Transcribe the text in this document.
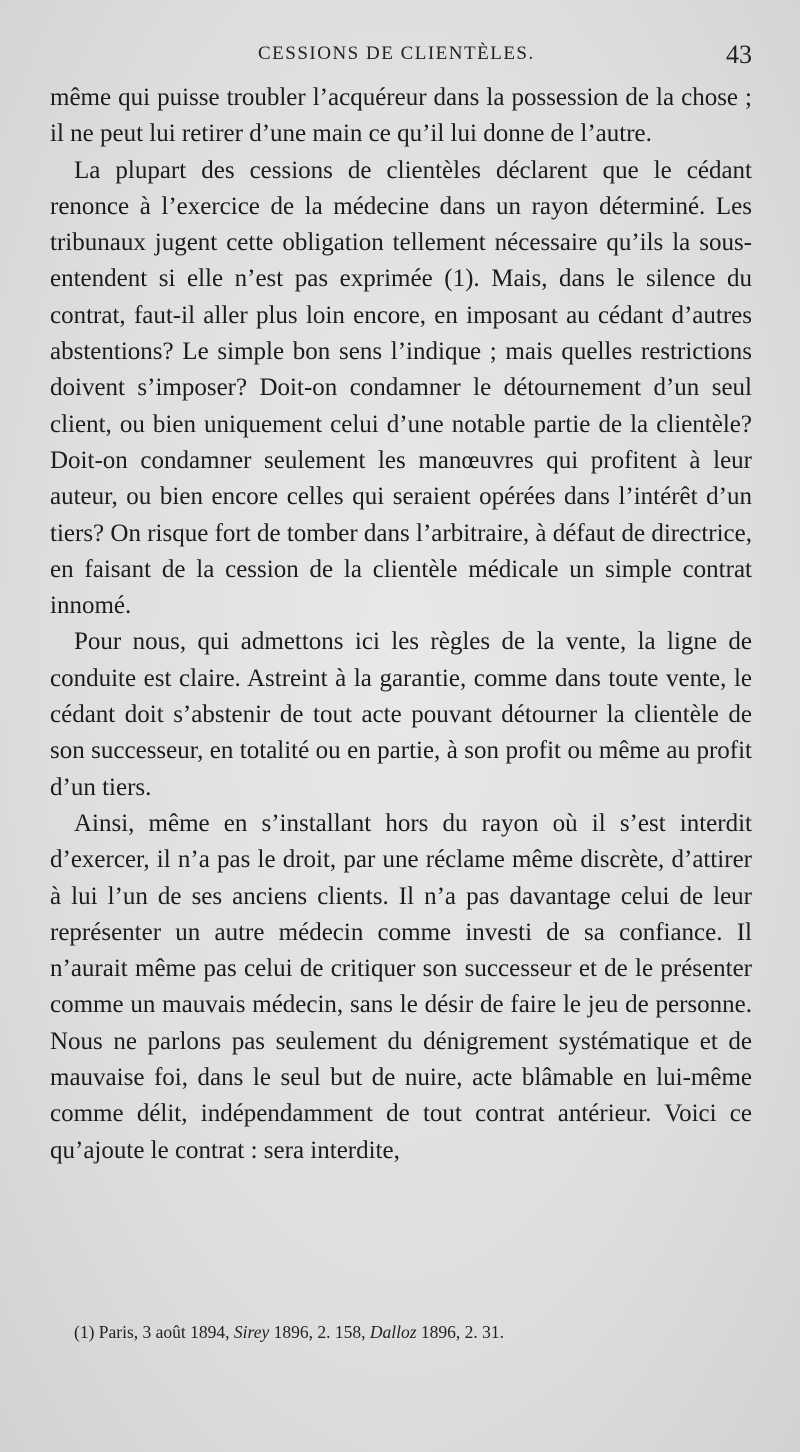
CESSIONS DE CLIENTÈLES.	43

même qui puisse troubler l’acquéreur dans la possession de la chose ; il ne peut lui retirer d’une main ce qu’il lui donne de l’autre.

La plupart des cessions de clientèles déclarent que le cédant renonce à l’exercice de la médecine dans un rayon déterminé. Les tribunaux jugent cette obligation tellement nécessaire qu’ils la sous-entendent si elle n’est pas exprimée (1). Mais, dans le silence du contrat, faut-il aller plus loin encore, en imposant au cédant d’autres abstentions? Le simple bon sens l’indique ; mais quelles restrictions doivent s’imposer? Doit-on condamner le détournement d’un seul client, ou bien uniquement celui d’une notable partie de la clientèle? Doit-on condamner seulement les manœuvres qui profitent à leur auteur, ou bien encore celles qui seraient opérées dans l’intérêt d’un tiers? On risque fort de tomber dans l’arbitraire, à défaut de directrice, en faisant de la cession de la clientèle médicale un simple contrat innomé.

Pour nous, qui admettons ici les règles de la vente, la ligne de conduite est claire. Astreint à la garantie, comme dans toute vente, le cédant doit s’abstenir de tout acte pouvant détourner la clientèle de son successeur, en totalité ou en partie, à son profit ou même au profit d’un tiers.

Ainsi, même en s’installant hors du rayon où il s’est interdit d’exercer, il n’a pas le droit, par une réclame même discrète, d’attirer à lui l’un de ses anciens clients. Il n’a pas davantage celui de leur représenter un autre médecin comme investi de sa confiance. Il n’aurait même pas celui de critiquer son successeur et de le présenter comme un mauvais médecin, sans le désir de faire le jeu de personne. Nous ne parlons pas seulement du dénigrement systématique et de mauvaise foi, dans le seul but de nuire, acte blâmable en lui-même comme délit, indépendamment de tout contrat antérieur. Voici ce qu’ajoute le contrat : sera interdite,

(1) Paris, 3 août 1894, Sirey 1896, 2. 158, Dalloz 1896, 2. 31.
